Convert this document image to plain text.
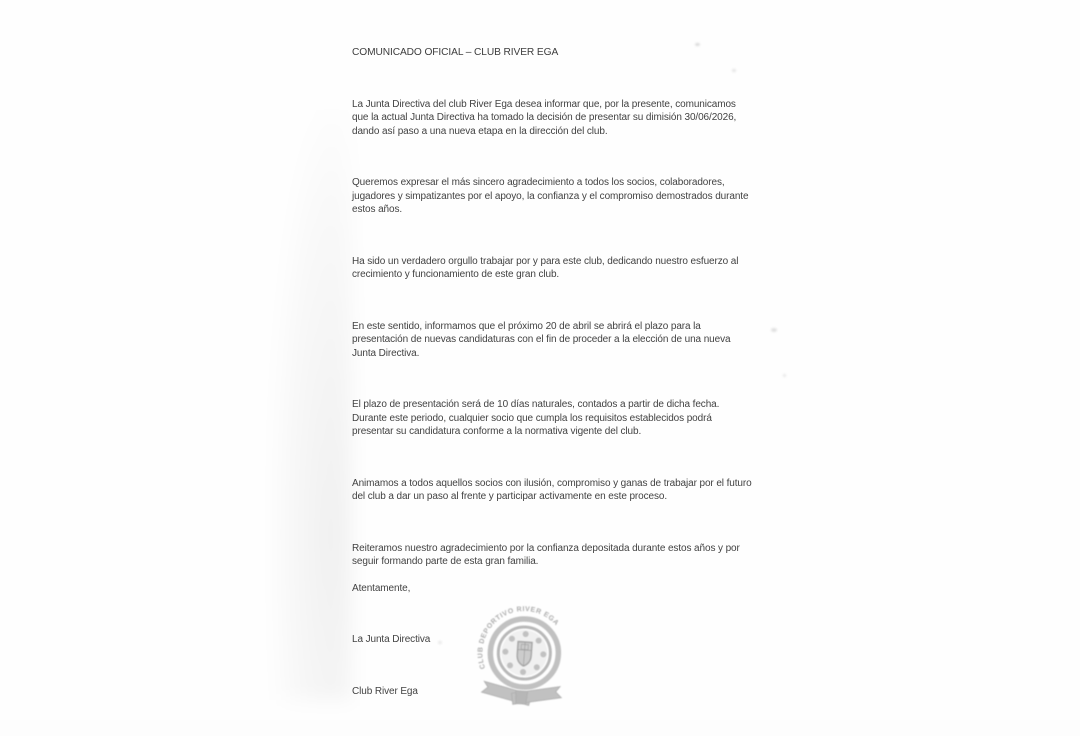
COMUNICADO OFICIAL – CLUB RIVER EGA

La Junta Directiva del club River Ega desea informar que, por la presente, comunicamos que la actual Junta Directiva ha tomado la decisión de presentar su dimisión 30/06/2026, dando así paso a una nueva etapa en la dirección del club.

Queremos expresar el más sincero agradecimiento a todos los socios, colaboradores, jugadores y simpatizantes por el apoyo, la confianza y el compromiso demostrados durante estos años.

Ha sido un verdadero orgullo trabajar por y para este club, dedicando nuestro esfuerzo al crecimiento y funcionamiento de este gran club.

En este sentido, informamos que el próximo 20 de abril se abrirá el plazo para la presentación de nuevas candidaturas con el fin de proceder a la elección de una nueva Junta Directiva.

El plazo de presentación será de 10 días naturales, contados a partir de dicha fecha. Durante este periodo, cualquier socio que cumpla los requisitos establecidos podrá presentar su candidatura conforme a la normativa vigente del club.

Animamos a todos aquellos socios con ilusión, compromiso y ganas de trabajar por el futuro del club a dar un paso al frente y participar activamente en este proceso.

Reiteramos nuestro agradecimiento por la confianza depositada durante estos años y por seguir formando parte de esta gran familia.

Atentamente,

La Junta Directiva

Club River Ega

CLUB DEPORTIVO RIVER EGA
